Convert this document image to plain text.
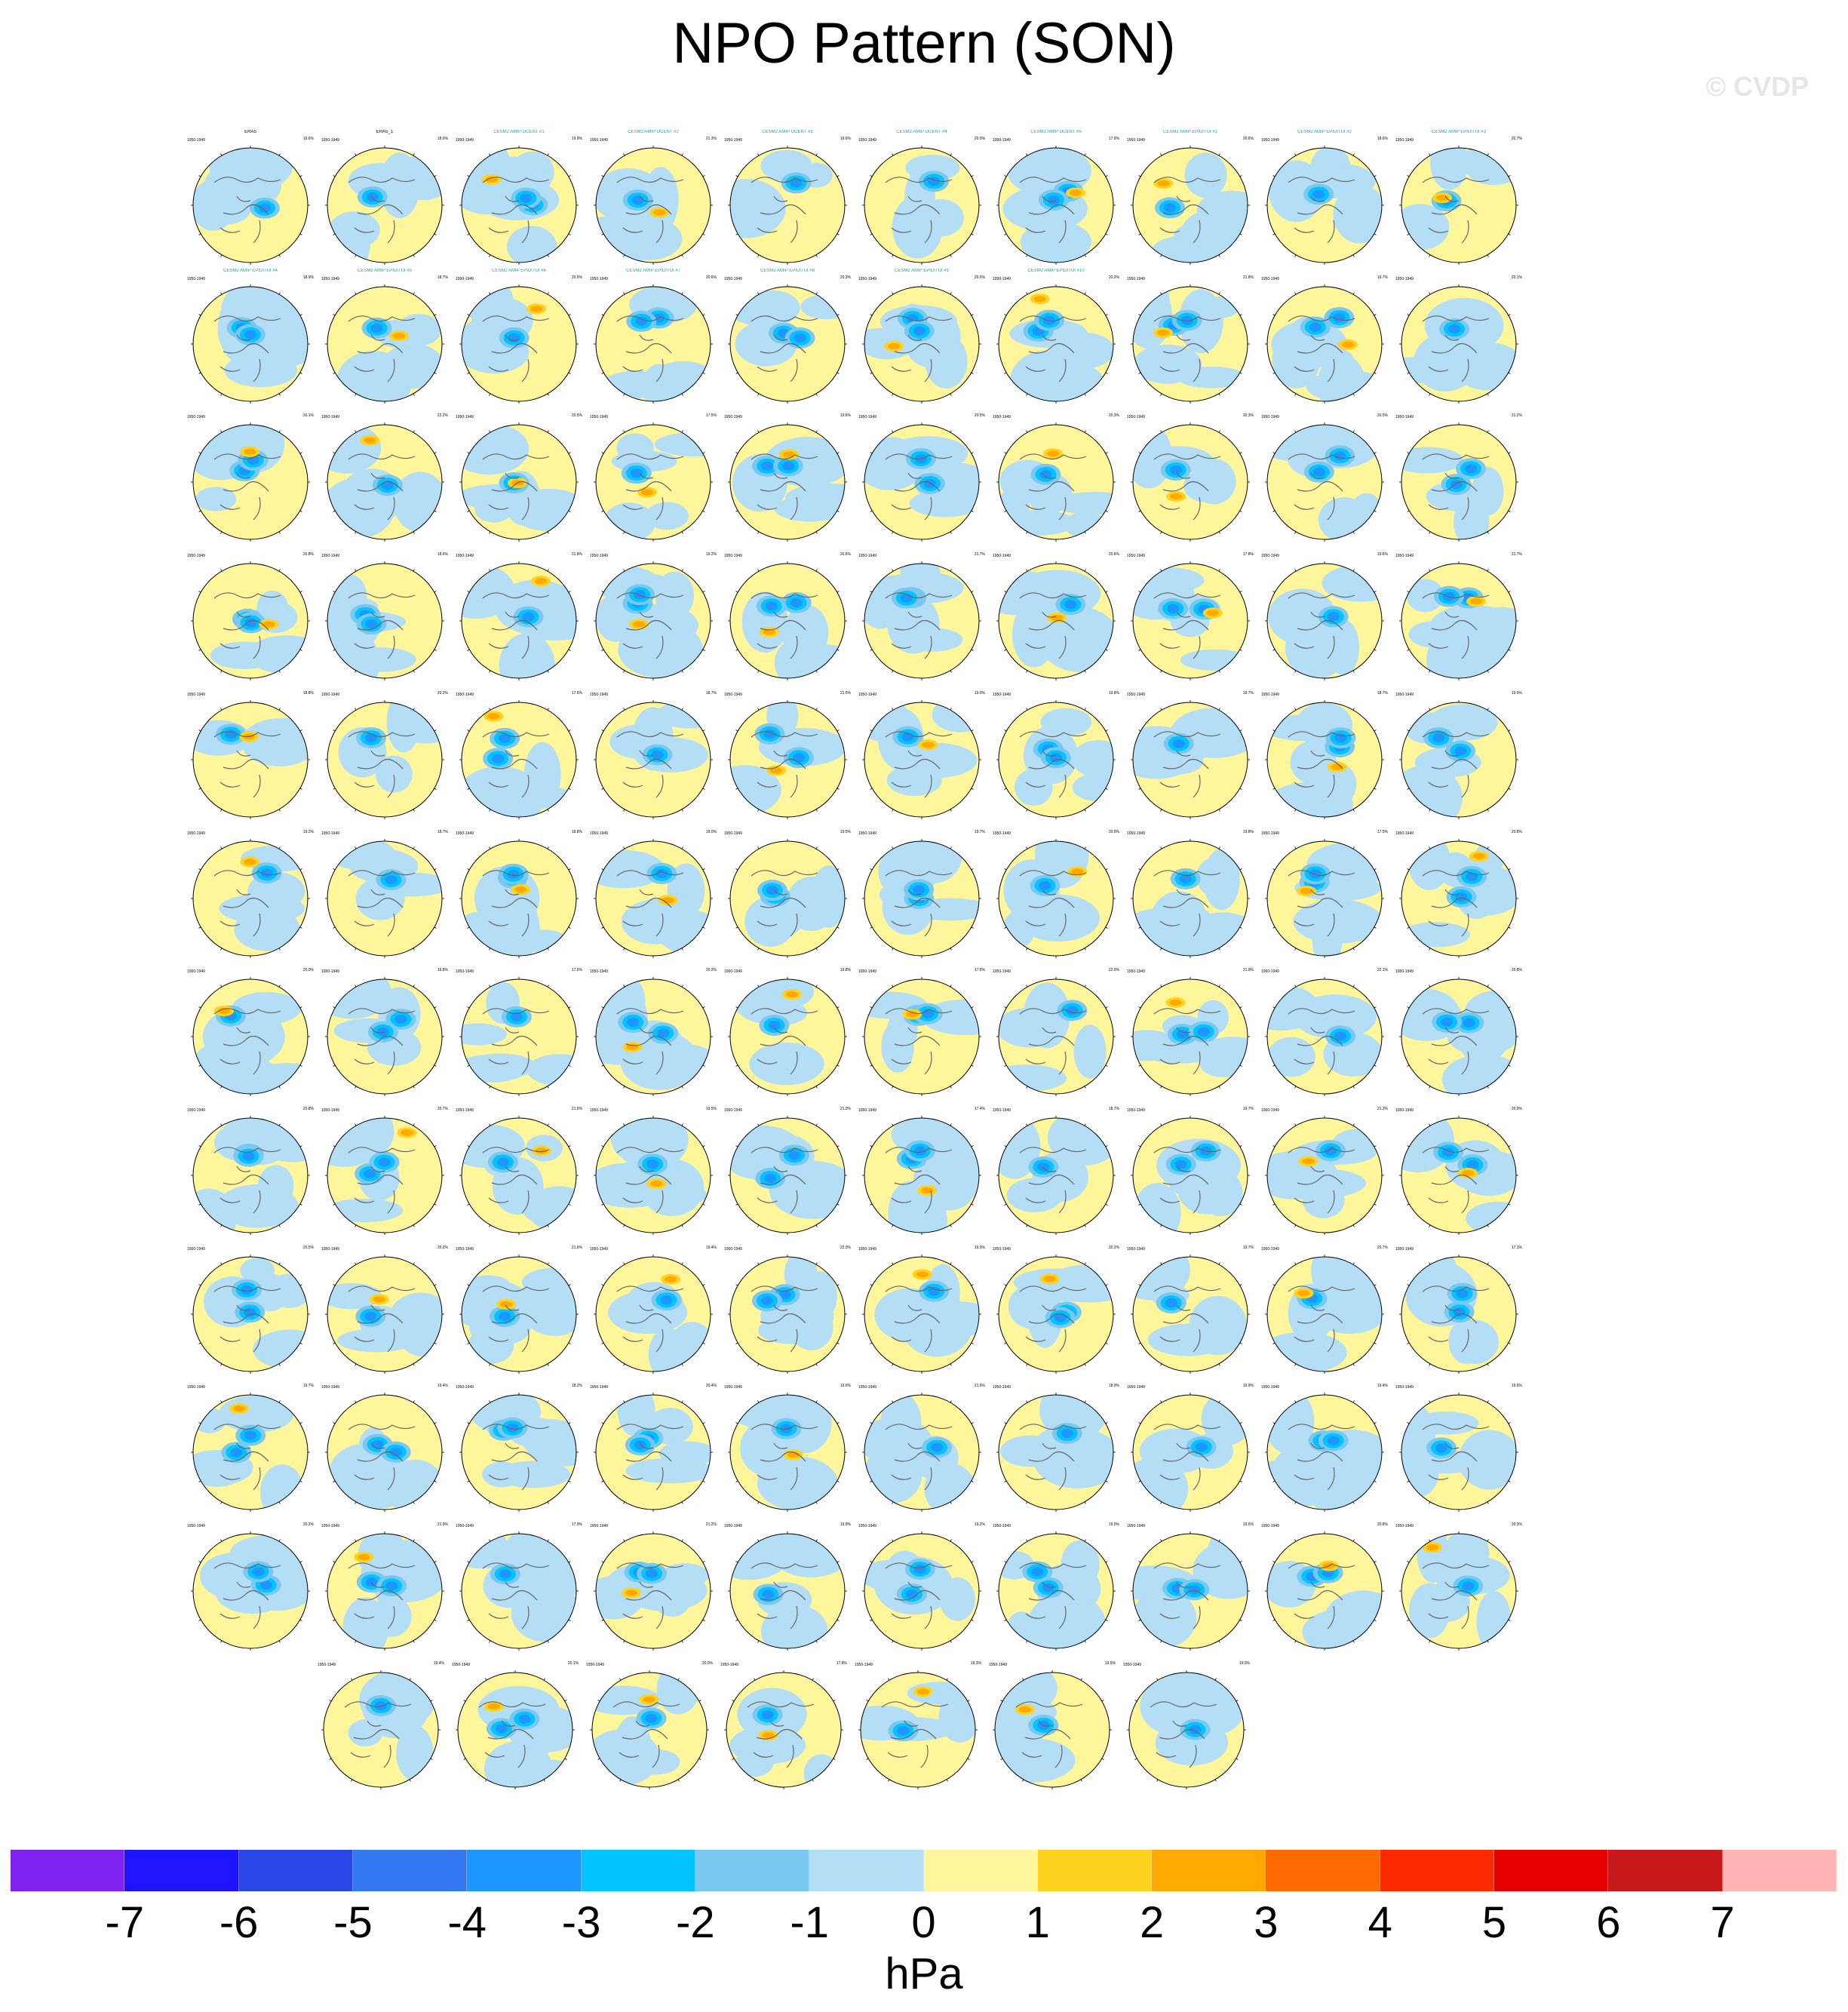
NPO Pattern (SON)
© CVDP
ERA5
1950-1949	19.6%
ERA5_1
1950-1949	18.6%
CESM2 AMIP OCENT #1
1950-1949	19.9%
CESM2 AMIP OCENT #2
1950-1949	21.3%
CESM2 AMIP OCENT #3
1950-1949	19.6%
CESM2 AMIP OCENT #4
1950-1949	20.0%
CESM2 AMIP OCENT #5
1950-1949	17.6%
CESM2 AMIP EPIDITUI #1
1950-1949	20.6%
CESM2 AMIP EPIDITUI #2
1950-1949	18.6%
CESM2 AMIP EPIDITUI #3
1950-1949	20.7%
CESM2 AMIP EPIDITUI #4
1950-1949	18.9%
CESM2 AMIP EPIDITUI #5
1950-1949	18.7%
CESM2 AMIP EPIDITUI #6
1950-1949	20.5%
CESM2 AMIP EPIDITUI #7
1950-1949	20.6%
CESM2 AMIP EPIDITUI #8
1950-1949	20.3%
CESM2 AMIP EPIDITUI #9
1950-1949	20.5%
CESM2 AMIP EPIDITUI #10
1950-1949	20.2% 1950-1949	21.8% 1950-1949	19.7% 1950-1949	20.1%
1950-1949	20.1% 1950-1949	22.2% 1950-1949	20.5% 1950-1949	17.5% 1950-1949	19.6% 1950-1949	20.5% 1950-1949	20.3% 1950-1949	20.3% 1950-1949	20.5% 1950-1949	21.2%
1950-1949	20.8% 1950-1949	18.6% 1950-1949	21.8% 1950-1949	19.2% 1950-1949	20.6% 1950-1949	21.7% 1950-1949	20.6% 1950-1949	17.8% 1950-1949	19.6% 1950-1949	21.7%
1950-1949	18.8% 1950-1949	20.2% 1950-1949	17.6% 1950-1949	18.7% 1950-1949	21.5% 1950-1949	19.0% 1950-1949	19.8% 1950-1949	19.7% 1950-1949	18.7% 1950-1949	19.9%
1950-1949	19.2% 1950-1949	18.7% 1950-1949	18.8% 1950-1949	19.0% 1950-1949	19.5% 1950-1949	19.7% 1950-1949	20.0% 1950-1949	19.8% 1950-1949	17.5% 1950-1949	20.8%
1950-1949	20.0% 1950-1949	19.8% 1950-1949	17.6% 1950-1949	20.2% 1950-1949	19.8% 1950-1949	17.6% 1950-1949	22.0% 1950-1949	21.9% 1950-1949	22.1% 1950-1949	20.8%
1950-1949	20.8% 1950-1949	20.7% 1950-1949	21.6% 1950-1949	19.5% 1950-1949	21.0% 1950-1949	17.4% 1950-1949	18.7% 1950-1949	19.7% 1950-1949	21.3% 1950-1949	20.9%
1950-1949	20.5% 1950-1949	20.2% 1950-1949	21.6% 1950-1949	19.4% 1950-1949	22.0% 1950-1949	19.9% 1950-1949	20.2% 1950-1949	19.7% 1950-1949	20.7% 1950-1949	17.1%
1950-1949	19.7% 1950-1949	19.4% 1950-1949	18.2% 1950-1949	20.4% 1950-1949	19.6% 1950-1949	21.6% 1950-1949	18.9% 1950-1949	19.9% 1950-1949	19.4% 1950-1949	19.6%
1950-1949	20.2% 1950-1949	21.9% 1950-1949	17.9% 1950-1949	21.2% 1950-1949	19.9% 1950-1949	19.2% 1950-1949	19.0% 1950-1949	19.6% 1950-1949	20.8% 1950-1949	20.3%
1950-1949	19.4% 1950-1949	20.1% 1950-1949	20.0% 1950-1949	17.8% 1950-1949	19.3% 1950-1949	19.5% 1950-1949	19.0%
-7 -6 -5 -4 -3 -2 -1	0	1	2	3	4	5	6	7
hPa
